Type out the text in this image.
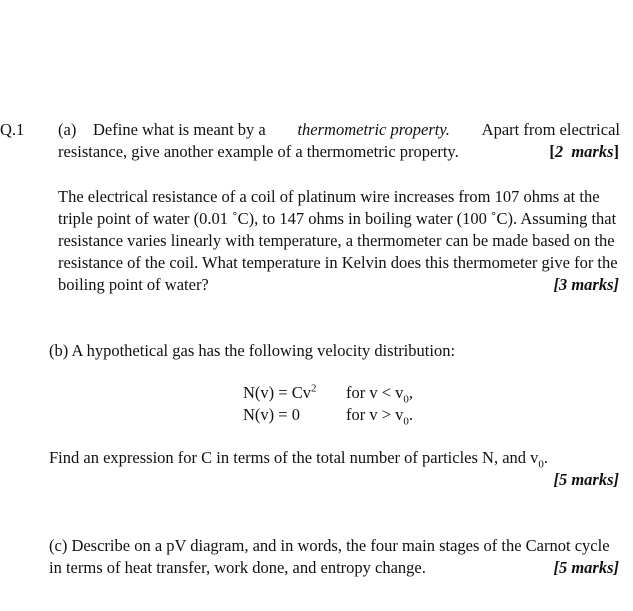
Q.1 (a) Define what is meant by a thermometric property. Apart from electrical
resistance, give another example of a thermometric property.	[2 marks]
The electrical resistance of a coil of platinum wire increases from 107 ohms at the
triple point of water (0.01 ˚C), to 147 ohms in boiling water (100 ˚C). Assuming that
resistance varies linearly with temperature, a thermometer can be made based on the
resistance of the coil. What temperature in Kelvin does this thermometer give for the
boiling point of water?	[3 marks]
(b) A hypothetical gas has the following velocity distribution:
$N(v) = Cv^2$ for $v < v_0$,
N(v) = 0	for $v > v_0$.
Find an expression for C in terms of the total number of particles N, and $v_0$.
[5 marks]
(c) Describe on a pV diagram, and in words, the four main stages of the Carnot cycle
in terms of heat transfer, work done, and entropy change.	[5 marks]
